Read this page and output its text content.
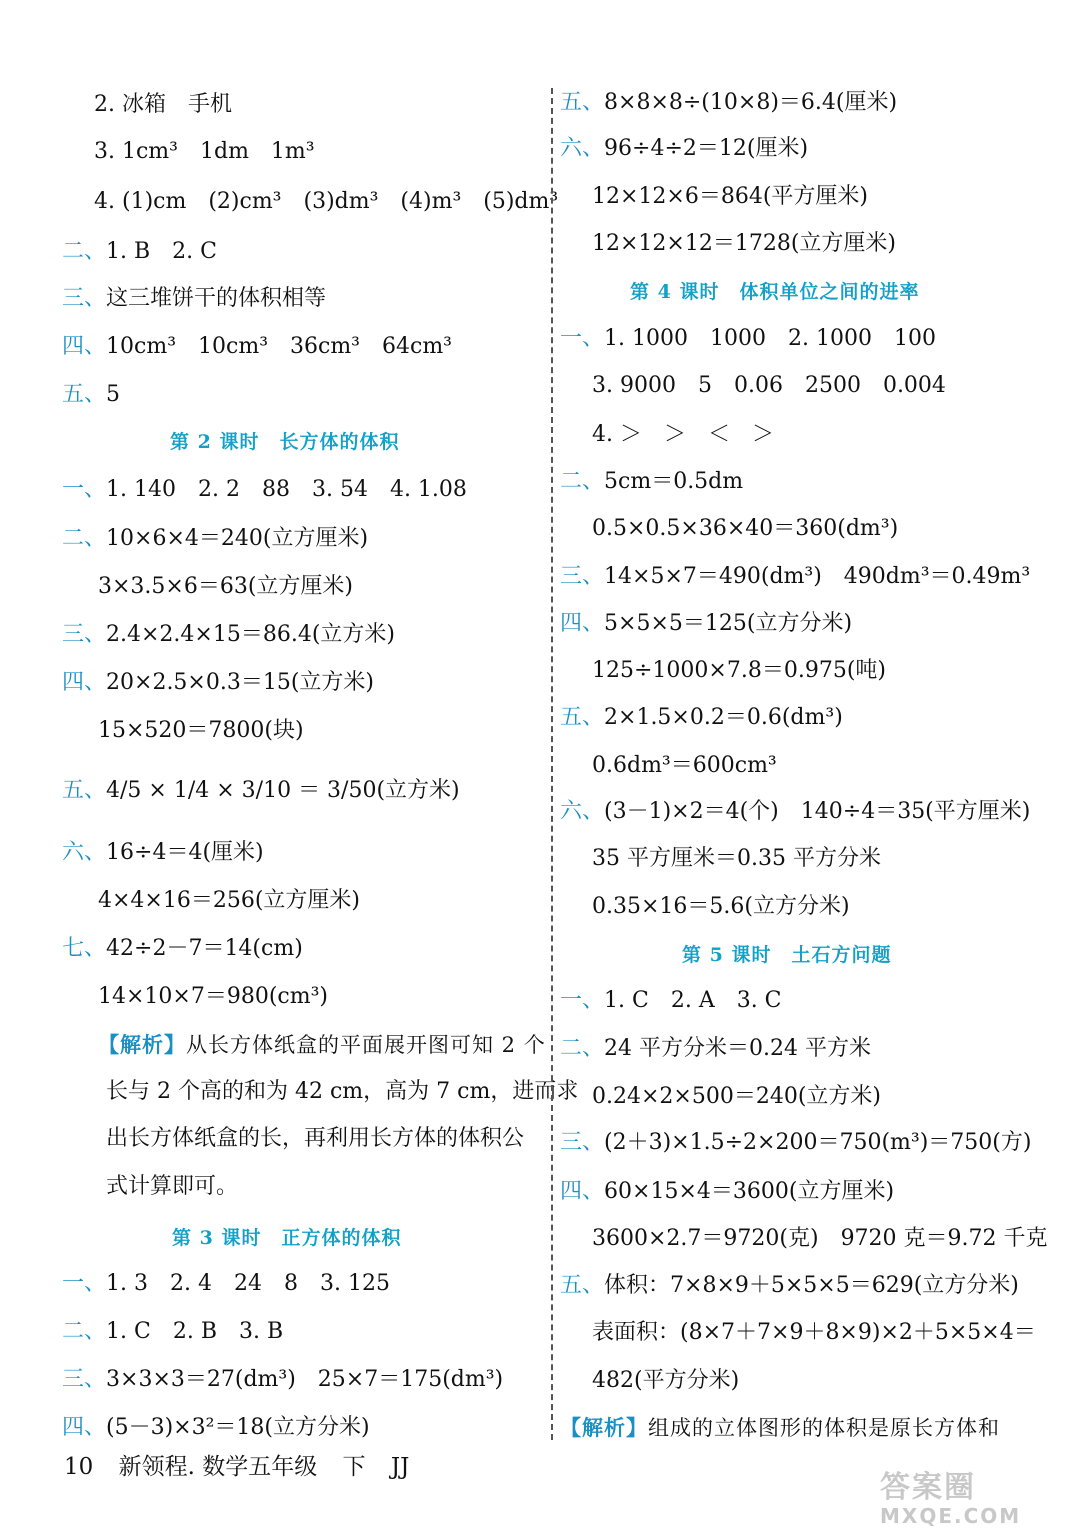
2. 冰箱　手机
3. 1cm³　1dm　1m³
4. (1)cm　(2)cm³　(3)dm³　(4)m³　(5)dm³
二、1. B　2. C
三、这三堆饼干的体积相等
四、10cm³　10cm³　36cm³　64cm³
五、5
第 2 课时　长方体的体积
一、1. 140　2. 2　88　3. 54　4. 1.08
二、10×6×4＝240(立方厘米)
3×3.5×6＝63(立方厘米)
三、2.4×2.4×15＝86.4(立方米)
四、20×2.5×0.3＝15(立方米)
15×520＝7800(块)
五、4/5 × 1/4 × 3/10 ＝ 3/50(立方米)
六、16÷4＝4(厘米)
4×4×16＝256(立方厘米)
七、42÷2－7＝14(cm)
14×10×7＝980(cm³)
【解析】从长方体纸盒的平面展开图可知 2 个
长与 2 个高的和为 42 cm，高为 7 cm，进而求
出长方体纸盒的长，再利用长方体的体积公
式计算即可。
第 3 课时　正方体的体积
一、1. 3　2. 4　24　8　3. 125
二、1. C　2. B　3. B
三、3×3×3＝27(dm³)　25×7＝175(dm³)
四、(5－3)×3²＝18(立方分米)
五、8×8×8÷(10×8)＝6.4(厘米)
六、96÷4÷2＝12(厘米)
12×12×6＝864(平方厘米)
12×12×12＝1728(立方厘米)
第 4 课时　体积单位之间的进率
一、1. 1000　1000　2. 1000　100
3. 9000　5　0.06　2500　0.004
4. ＞　＞　＜　＞
二、5cm＝0.5dm
0.5×0.5×36×40＝360(dm³)
三、14×5×7＝490(dm³)　490dm³＝0.49m³
四、5×5×5＝125(立方分米)
125÷1000×7.8＝0.975(吨)
五、2×1.5×0.2＝0.6(dm³)
0.6dm³＝600cm³
六、(3－1)×2＝4(个)　140÷4＝35(平方厘米)
35 平方厘米＝0.35 平方分米
0.35×16＝5.6(立方分米)
第 5 课时　土石方问题
一、1. C　2. A　3. C
二、24 平方分米＝0.24 平方米
0.24×2×500＝240(立方米)
三、(2＋3)×1.5÷2×200＝750(m³)＝750(方)
四、60×15×4＝3600(立方厘米)
3600×2.7＝9720(克)　9720 克＝9.72 千克
五、体积：7×8×9＋5×5×5＝629(立方分米)
表面积：(8×7＋7×9＋8×9)×2＋5×5×4＝
482(平方分米)
【解析】组成的立体图形的体积是原长方体和
10 新领程. 数学五年级 下 JJ
答案圈
MXQE.COM
